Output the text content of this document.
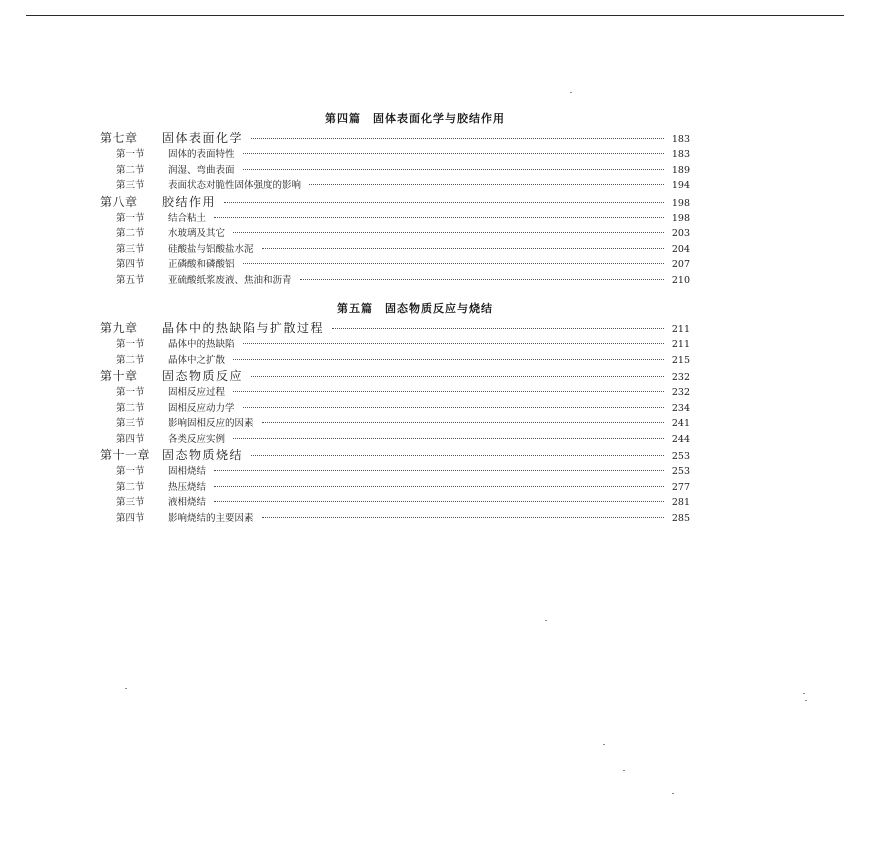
第四篇　固体表面化学与胶结作用
第七章	固体表面化学	183
第一节	固体的表面特性	183
第二节	润湿、弯曲表面	189
第三节	表面状态对脆性固体强度的影响	194
第八章	胶结作用	198
第一节	结合粘土	198
第二节	水玻璃及其它	203
第三节	硅酸盐与铝酸盐水泥	204
第四节	正磷酸和磷酸铝	207
第五节	亚硫酸纸浆废液、焦油和沥青	210
第五篇　固态物质反应与烧结
第九章	晶体中的热缺陷与扩散过程	211
第一节	晶体中的热缺陷	211
第二节	晶体中之扩散	215
第十章	固态物质反应	232
第一节	固相反应过程	232
第二节	固相反应动力学	234
第三节	影响固相反应的因素	241
第四节	各类反应实例	244
第十一章 固态物质烧结	253
第一节	固相烧结	253
第二节	热压烧结	277
第三节	液相烧结	281
第四节	影响烧结的主要因素	285
